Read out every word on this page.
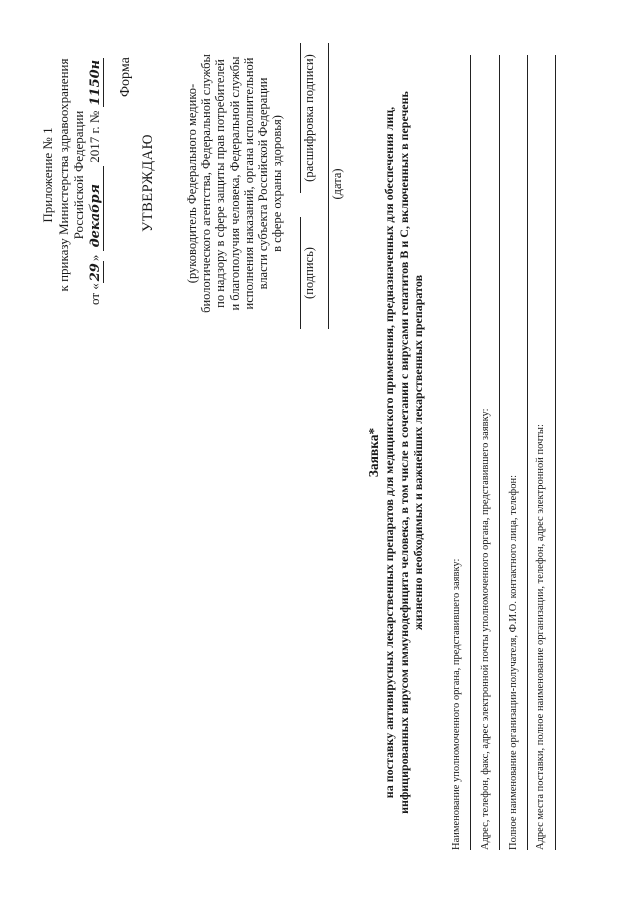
Приложение № 1 к приказу Министерства здравоохранения Российской Федерации
от «29» декабря 2017 г. № 1150н Форма
УТВЕРЖДАЮ (руководитель Федерального медико- биологического агентства, Федеральной службы по надзору в сфере защиты прав потребителей и благополучия человека, Федеральной службы исполнения наказаний, органа исполнительной власти субъекта Российской Федерации в сфере охраны здоровья)
(подпись)
(расшифровка подписи)
(дата)
Заявка* на поставку антивирусных лекарственных препаратов для медицинского применения, предназначенных для обеспечения лиц, инфицированных вирусом иммунодефицита человека, в том числе в сочетании с вирусами гепатитов В и С, включенных в перечень жизненно необходимых и важнейших лекарственных препаратов
Наименование уполномоченного органа, представившего заявку: Адрес, телефон, факс, адрес электронной почты уполномоченного органа, представившего заявку: Полное наименование организации-получателя, Ф.И.О. контактного лица, телефон: Адрес места поставки, полное наименование организации, телефон, адрес электронной почты:
